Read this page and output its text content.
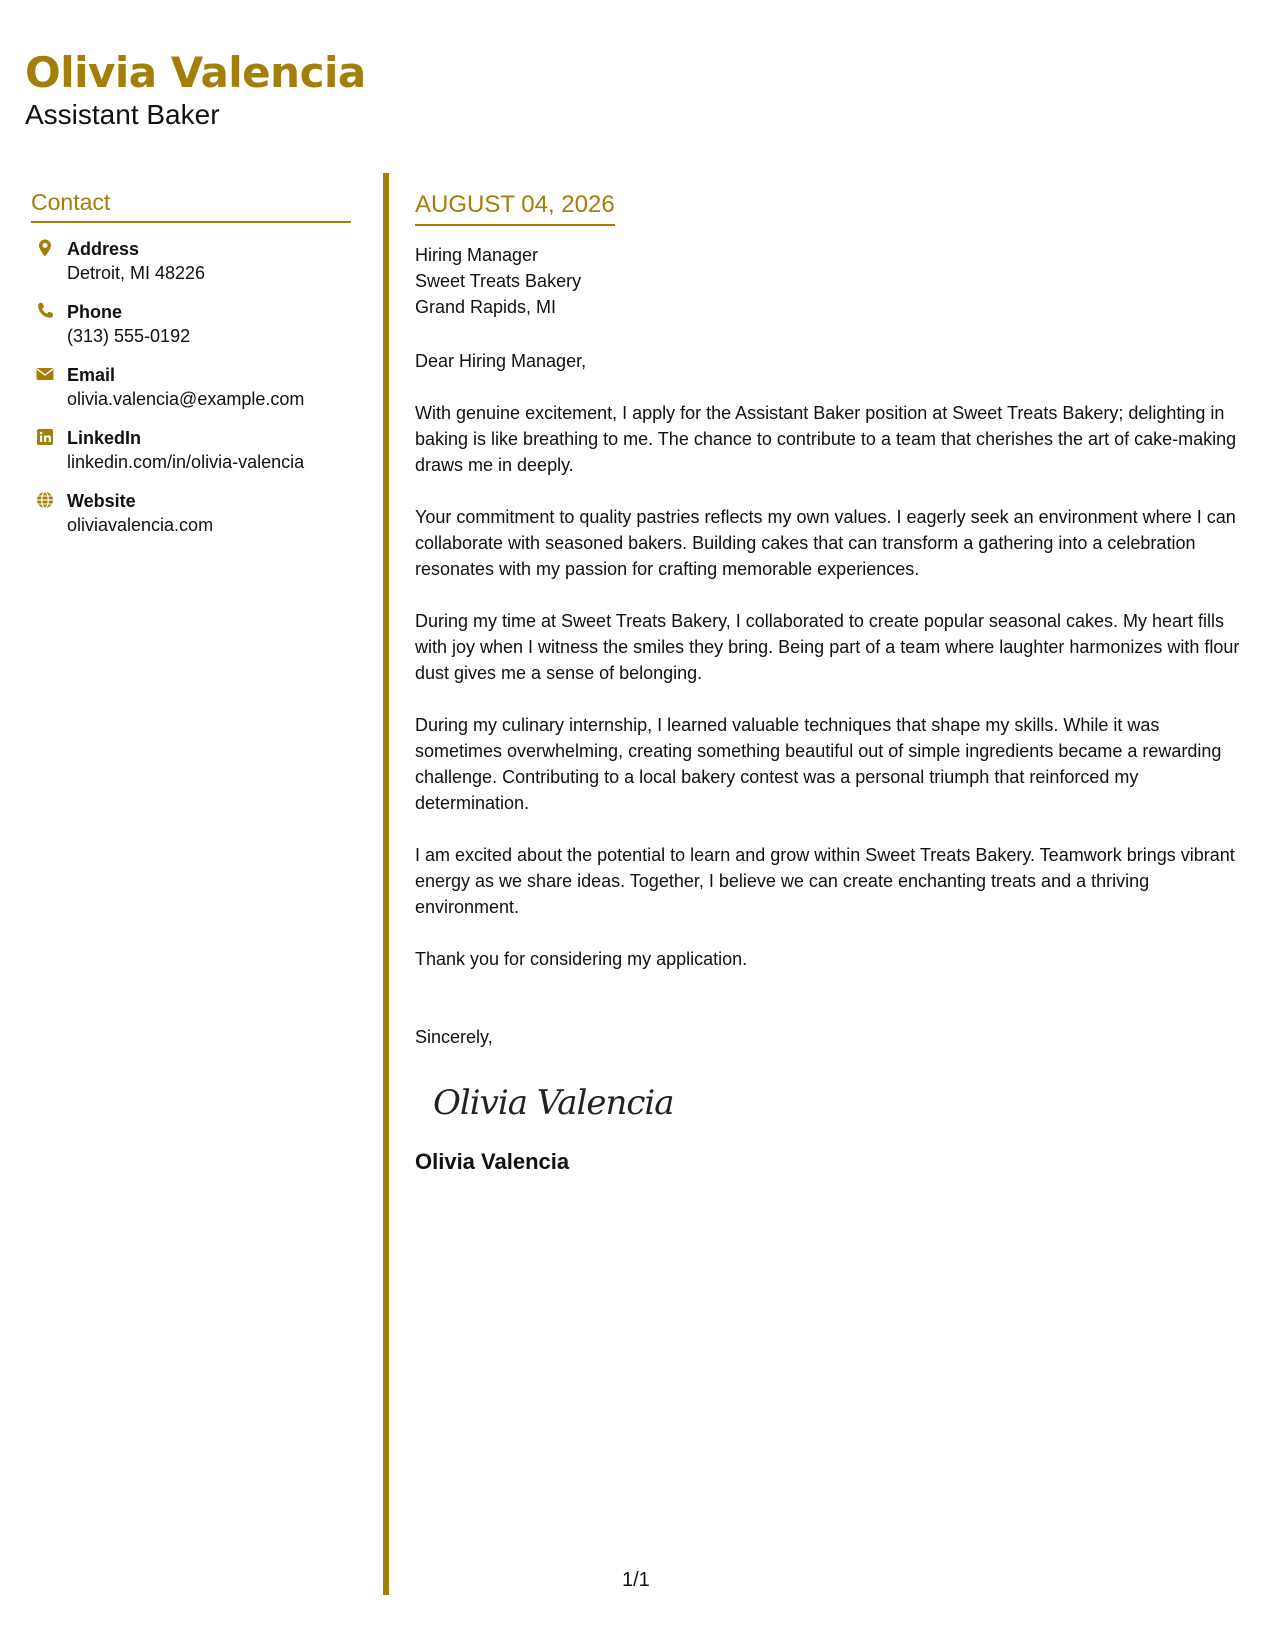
Olivia Valencia

Assistant Baker

Contact
Address
Detroit, MI 48226
Phone
(313) 555-0192
Email
olivia.valencia@example.com
LinkedIn
linkedin.com/in/olivia-valencia
Website
oliviavalencia.com
AUGUST 04, 2026
Hiring Manager
Sweet Treats Bakery
Grand Rapids, MI
Dear Hiring Manager,

With genuine excitement, I apply for the Assistant Baker position at Sweet Treats Bakery; delighting in baking is like breathing to me. The chance to contribute to a team that cherishes the art of cake-making draws me in deeply.

Your commitment to quality pastries reflects my own values. I eagerly seek an environment where I can collaborate with seasoned bakers. Building cakes that can transform a gathering into a celebration resonates with my passion for crafting memorable experiences.

During my time at Sweet Treats Bakery, I collaborated to create popular seasonal cakes. My heart fills with joy when I witness the smiles they bring. Being part of a team where laughter harmonizes with flour dust gives me a sense of belonging.

During my culinary internship, I learned valuable techniques that shape my skills. While it was sometimes overwhelming, creating something beautiful out of simple ingredients became a rewarding challenge. Contributing to a local bakery contest was a personal triumph that reinforced my determination.

I am excited about the potential to learn and grow within Sweet Treats Bakery. Teamwork brings vibrant energy as we share ideas. Together, I believe we can create enchanting treats and a thriving environment.

Thank you for considering my application.

Sincerely,
Olivia Valencia
Olivia Valencia
1/1
